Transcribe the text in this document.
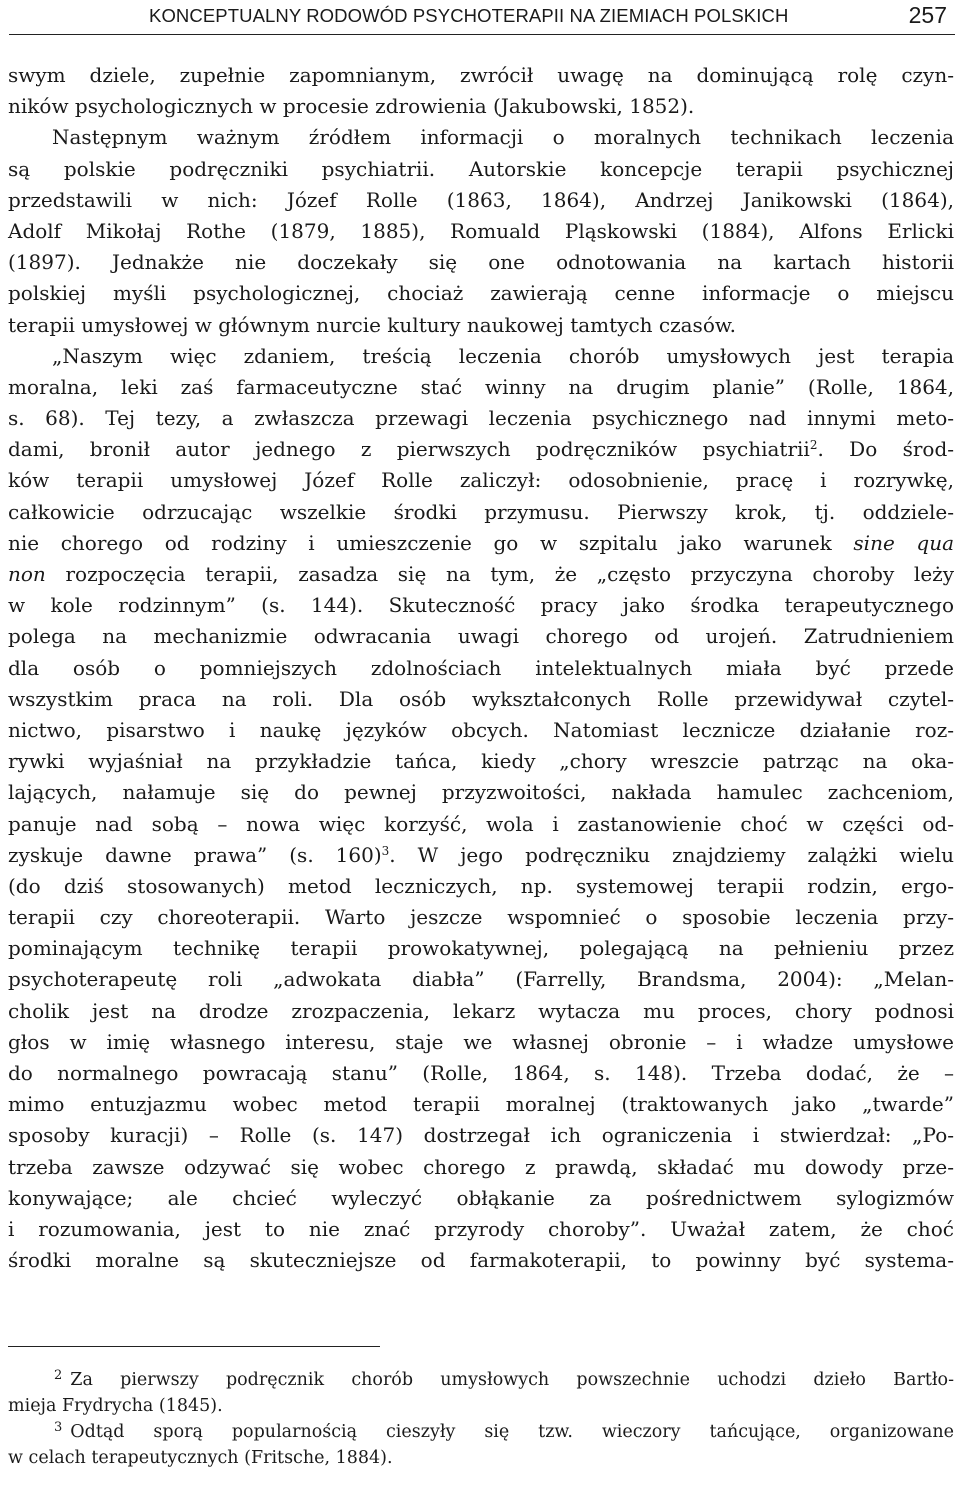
KONCEPTUALNY RODOWÓD PSYCHOTERAPII NA ZIEMIACH POLSKICH	257
swym dziele, zupełnie zapomnianym, zwrócił uwagę na dominującą rolę czyn-
ników psychologicznych w procesie zdrowienia (Jakubowski, 1852).
Następnym ważnym źródłem informacji o moralnych technikach leczenia
są polskie podręczniki psychiatrii. Autorskie koncepcje terapii psychicznej
przedstawili w nich: Józef Rolle (1863, 1864), Andrzej Janikowski (1864),
Adolf Mikołaj Rothe (1879, 1885), Romuald Pląskowski (1884), Alfons Erlicki
(1897). Jednakże nie doczekały się one odnotowania na kartach historii
polskiej myśli psychologicznej, chociaż zawierają cenne informacje o miejscu
terapii umysłowej w głównym nurcie kultury naukowej tamtych czasów.
„Naszym więc zdaniem, treścią leczenia chorób umysłowych jest terapia
moralna, leki zaś farmaceutyczne stać winny na drugim planie” (Rolle, 1864,
s. 68). Tej tezy, a zwłaszcza przewagi leczenia psychicznego nad innymi meto-
dami, bronił autor jednego z pierwszych podręczników psychiatrii$^2$. Do środ-
ków terapii umysłowej Józef Rolle zaliczył: odosobnienie, pracę i rozrywkę,
całkowicie odrzucając wszelkie środki przymusu. Pierwszy krok, tj. oddziele-
nie chorego od rodziny i umieszczenie go w szpitalu jako warunek sine qua
non rozpoczęcia terapii, zasadza się na tym, że „często przyczyna choroby leży
w kole rodzinnym” (s. 144). Skuteczność pracy jako środka terapeutycznego
polega na mechanizmie odwracania uwagi chorego od urojeń. Zatrudnieniem
dla osób o pomniejszych zdolnościach intelektualnych miała być przede
wszystkim praca na roli. Dla osób wykształconych Rolle przewidywał czytel-
nictwo, pisarstwo i naukę języków obcych. Natomiast lecznicze działanie roz-
rywki wyjaśniał na przykładzie tańca, kiedy „chory wreszcie patrząc na oka-
lających, nałamuje się do pewnej przyzwoitości, nakłada hamulec zachceniom,
panuje nad sobą – nowa więc korzyść, wola i zastanowienie choć w części od-
zyskuje dawne prawa” (s. 160)$^3$. W jego podręczniku znajdziemy zalążki wielu
(do dziś stosowanych) metod leczniczych, np. systemowej terapii rodzin, ergo-
terapii czy choreoterapii. Warto jeszcze wspomnieć o sposobie leczenia przy-
pominającym technikę terapii prowokatywnej, polegającą na pełnieniu przez
psychoterapeutę roli „adwokata diabła” (Farrelly, Brandsma, 2004): „Melan-
cholik jest na drodze zrozpaczenia, lekarz wytacza mu proces, chory podnosi
głos w imię własnego interesu, staje we własnej obronie – i władze umysłowe
do normalnego powracają stanu” (Rolle, 1864, s. 148). Trzeba dodać, że –
mimo entuzjazmu wobec metod terapii moralnej (traktowanych jako „twarde”
sposoby kuracji) – Rolle (s. 147) dostrzegał ich ograniczenia i stwierdzał: „Po-
trzeba zawsze odzywać się wobec chorego z prawdą, składać mu dowody prze-
konywające; ale chcieć wyleczyć obłąkanie za pośrednictwem sylogizmów
i rozumowania, jest to nie znać przyrody choroby”. Uważał zatem, że choć
środki moralne są skuteczniejsze od farmakoterapii, to powinny być systema-
$^2$ Za pierwszy podręcznik chorób umysłowych powszechnie uchodzi dzieło Bartło-
mieja Frydrycha (1845).
$^3$ Odtąd sporą popularnością cieszyły się tzw. wieczory tańcujące, organizowane
w celach terapeutycznych (Fritsche, 1884).
